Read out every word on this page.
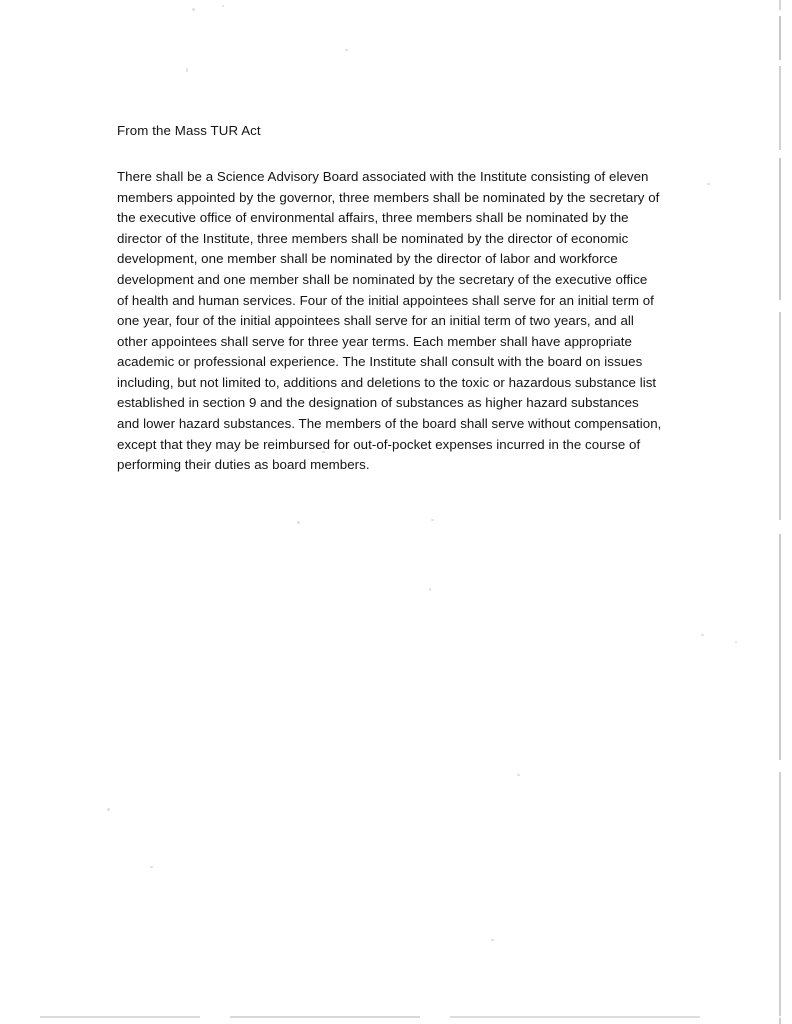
From the Mass TUR Act

There shall be a Science Advisory Board associated with the Institute consisting of eleven members appointed by the governor, three members shall be nominated by the secretary of the executive office of environmental affairs, three members shall be nominated by the director of the Institute, three members shall be nominated by the director of economic development, one member shall be nominated by the director of labor and workforce development and one member shall be nominated by the secretary of the executive office of health and human services. Four of the initial appointees shall serve for an initial term of one year, four of the initial appointees shall serve for an initial term of two years, and all other appointees shall serve for three year terms. Each member shall have appropriate academic or professional experience. The Institute shall consult with the board on issues including, but not limited to, additions and deletions to the toxic or hazardous substance list established in section 9 and the designation of substances as higher hazard substances and lower hazard substances. The members of the board shall serve without compensation, except that they may be reimbursed for out-of-pocket expenses incurred in the course of performing their duties as board members.
